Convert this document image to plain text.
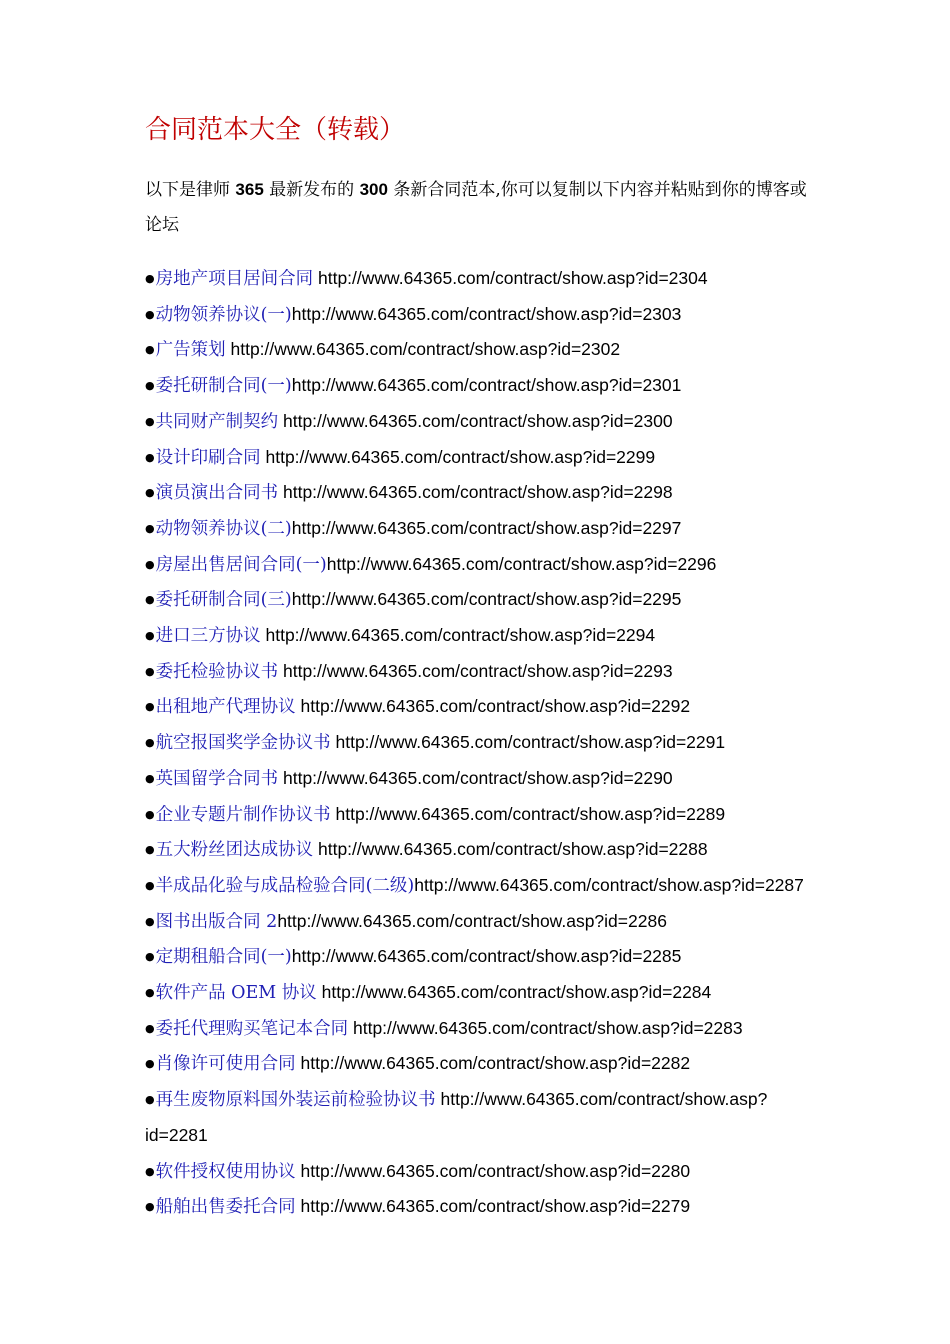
合同范本大全（转载）

以下是律师 365 最新发布的 300 条新合同范本,你可以复制以下内容并粘贴到你的博客或论坛

●房地产项目居间合同 http://www.64365.com/contract/show.asp?id=2304
●动物领养协议(一)http://www.64365.com/contract/show.asp?id=2303
●广告策划 http://www.64365.com/contract/show.asp?id=2302
●委托研制合同(一)http://www.64365.com/contract/show.asp?id=2301
●共同财产制契约 http://www.64365.com/contract/show.asp?id=2300
●设计印刷合同 http://www.64365.com/contract/show.asp?id=2299
●演员演出合同书 http://www.64365.com/contract/show.asp?id=2298
●动物领养协议(二)http://www.64365.com/contract/show.asp?id=2297
●房屋出售居间合同(一)http://www.64365.com/contract/show.asp?id=2296
●委托研制合同(三)http://www.64365.com/contract/show.asp?id=2295
●进口三方协议 http://www.64365.com/contract/show.asp?id=2294
●委托检验协议书 http://www.64365.com/contract/show.asp?id=2293
●出租地产代理协议 http://www.64365.com/contract/show.asp?id=2292
●航空报国奖学金协议书 http://www.64365.com/contract/show.asp?id=2291
●英国留学合同书 http://www.64365.com/contract/show.asp?id=2290
●企业专题片制作协议书 http://www.64365.com/contract/show.asp?id=2289
●五大粉丝团达成协议 http://www.64365.com/contract/show.asp?id=2288
●半成品化验与成品检验合同(二级)http://www.64365.com/contract/show.asp?id=2287
●图书出版合同 2http://www.64365.com/contract/show.asp?id=2286
●定期租船合同(一)http://www.64365.com/contract/show.asp?id=2285
●软件产品 OEM 协议 http://www.64365.com/contract/show.asp?id=2284
●委托代理购买笔记本合同 http://www.64365.com/contract/show.asp?id=2283
●肖像许可使用合同 http://www.64365.com/contract/show.asp?id=2282
●再生废物原料国外装运前检验协议书 http://www.64365.com/contract/show.asp?id=2281
●软件授权使用协议 http://www.64365.com/contract/show.asp?id=2280
●船舶出售委托合同 http://www.64365.com/contract/show.asp?id=2279
